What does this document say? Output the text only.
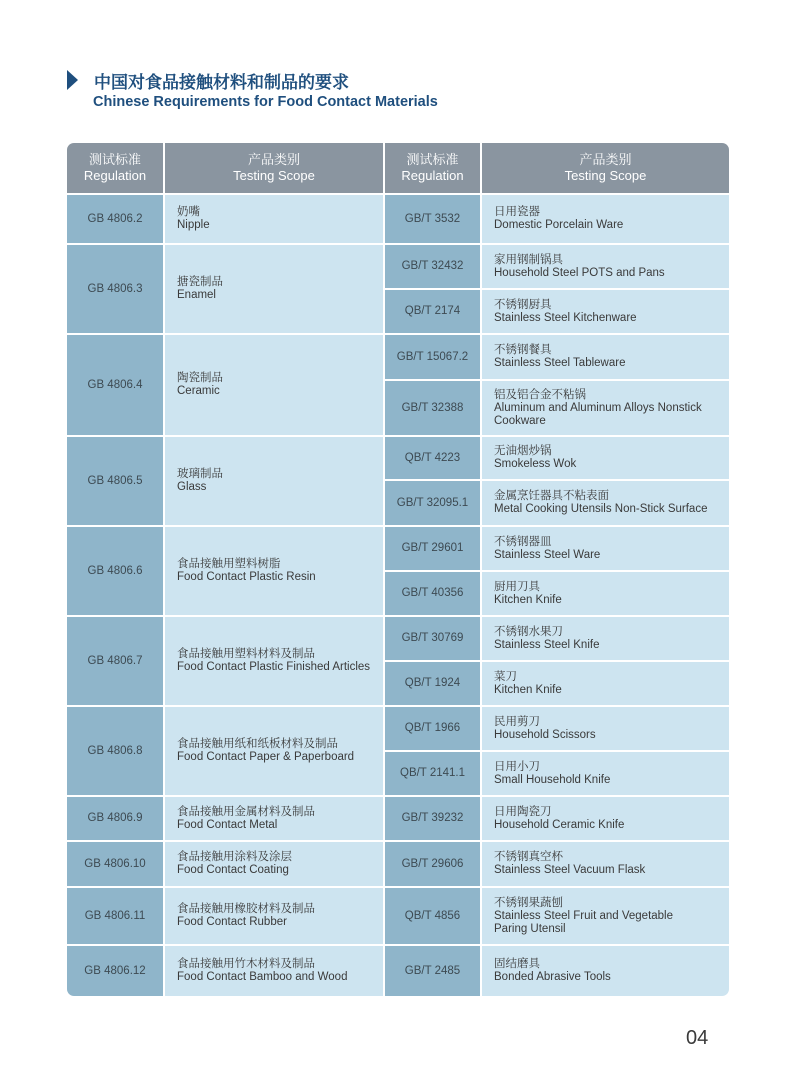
中国对食品接触材料和制品的要求
Chinese Requirements for Food Contact Materials
测试标准
Regulation
产品类别
Testing Scope
测试标准
Regulation
产品类别
Testing Scope
GB 4806.2
奶嘴
Nipple
GB 4806.3
搪瓷制品
Enamel
GB 4806.4
陶瓷制品
Ceramic
GB 4806.5
玻璃制品
Glass
GB 4806.6
食品接触用塑料树脂
Food Contact Plastic Resin
GB 4806.7
食品接触用塑料材料及制品
Food Contact Plastic Finished Articles
GB 4806.8
食品接触用纸和纸板材料及制品
Food Contact Paper & Paperboard
GB 4806.9
食品接触用金属材料及制品
Food Contact Metal
GB 4806.10
食品接触用涂料及涂层
Food Contact Coating
GB 4806.11
食品接触用橡胶材料及制品
Food Contact Rubber
GB 4806.12
食品接触用竹木材料及制品
Food Contact Bamboo and Wood
GB/T 3532
日用瓷器
Domestic Porcelain Ware
GB/T 32432
家用钢制锅具
Household Steel POTS and Pans
QB/T 2174
不锈钢厨具
Stainless Steel Kitchenware
GB/T 15067.2
不锈钢餐具
Stainless Steel Tableware
GB/T 32388
铝及铝合金不粘锅
Aluminum and Aluminum Alloys Nonstick
Cookware
QB/T 4223
无油烟炒锅
Smokeless Wok
GB/T 32095.1
金属烹饪器具不粘表面
Metal Cooking Utensils Non-Stick Surface
GB/T 29601
不锈钢器皿
Stainless Steel Ware
GB/T 40356
厨用刀具
Kitchen Knife
GB/T 30769
不锈钢水果刀
Stainless Steel Knife
QB/T 1924
菜刀
Kitchen Knife
QB/T 1966
民用剪刀
Household Scissors
QB/T 2141.1
日用小刀
Small Household Knife
GB/T 39232
日用陶瓷刀
Household Ceramic Knife
GB/T 29606
不锈钢真空杯
Stainless Steel Vacuum Flask
QB/T 4856
不锈钢果蔬刨
Stainless Steel Fruit and Vegetable
Paring Utensil
GB/T 2485
固结磨具
Bonded Abrasive Tools
04
